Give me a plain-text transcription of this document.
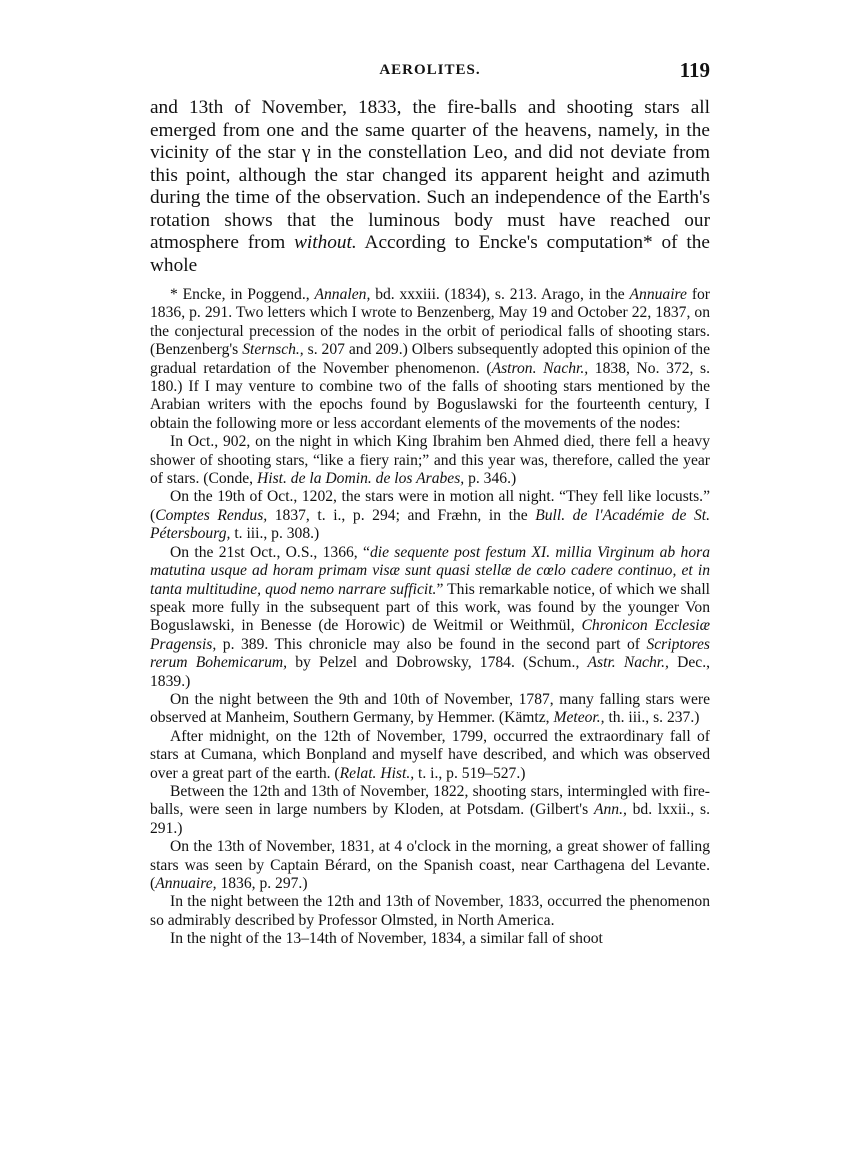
AEROLITES.	119

and 13th of November, 1833, the fire-balls and shooting stars all emerged from one and the same quarter of the heavens, namely, in the vicinity of the star γ in the constellation Leo, and did not deviate from this point, although the star changed its apparent height and azimuth during the time of the observation. Such an independence of the Earth's rotation shows that the luminous body must have reached our atmosphere from without. According to Encke's computation* of the whole

* Encke, in Poggend., Annalen, bd. xxxiii. (1834), s. 213. Arago, in the Annuaire for 1836, p. 291. Two letters which I wrote to Benzenberg, May 19 and October 22, 1837, on the conjectural precession of the nodes in the orbit of periodical falls of shooting stars. (Benzenberg's Sternsch., s. 207 and 209.) Olbers subsequently adopted this opinion of the gradual retardation of the November phenomenon. (Astron. Nachr., 1838, No. 372, s. 180.) If I may venture to combine two of the falls of shooting stars mentioned by the Arabian writers with the epochs found by Boguslawski for the fourteenth century, I obtain the following more or less accordant elements of the movements of the nodes:

In Oct., 902, on the night in which King Ibrahim ben Ahmed died, there fell a heavy shower of shooting stars, “like a fiery rain;” and this year was, therefore, called the year of stars. (Conde, Hist. de la Domin. de los Arabes, p. 346.)

On the 19th of Oct., 1202, the stars were in motion all night. “They fell like locusts.” (Comptes Rendus, 1837, t. i., p. 294; and Fræhn, in the Bull. de l'Académie de St. Pétersbourg, t. iii., p. 308.)

On the 21st Oct., O.S., 1366, “die sequente post festum XI. millia Virginum ab hora matutina usque ad horam primam visæ sunt quasi stellæ de cœlo cadere continuo, et in tanta multitudine, quod nemo narrare sufficit.” This remarkable notice, of which we shall speak more fully in the subsequent part of this work, was found by the younger Von Boguslawski, in Benesse (de Horowic) de Weitmil or Weithmül, Chronicon Ecclesiæ Pragensis, p. 389. This chronicle may also be found in the second part of Scriptores rerum Bohemicarum, by Pelzel and Dobrowsky, 1784. (Schum., Astr. Nachr., Dec., 1839.)

On the night between the 9th and 10th of November, 1787, many falling stars were observed at Manheim, Southern Germany, by Hemmer. (Kämtz, Meteor., th. iii., s. 237.)

After midnight, on the 12th of November, 1799, occurred the extraordinary fall of stars at Cumana, which Bonpland and myself have described, and which was observed over a great part of the earth. (Relat. Hist., t. i., p. 519–527.)

Between the 12th and 13th of November, 1822, shooting stars, intermingled with fire-balls, were seen in large numbers by Kloden, at Potsdam. (Gilbert's Ann., bd. lxxii., s. 291.)

On the 13th of November, 1831, at 4 o'clock in the morning, a great shower of falling stars was seen by Captain Bérard, on the Spanish coast, near Carthagena del Levante. (Annuaire, 1836, p. 297.)

In the night between the 12th and 13th of November, 1833, occurred the phenomenon so admirably described by Professor Olmsted, in North America.

In the night of the 13–14th of November, 1834, a similar fall of shoot
